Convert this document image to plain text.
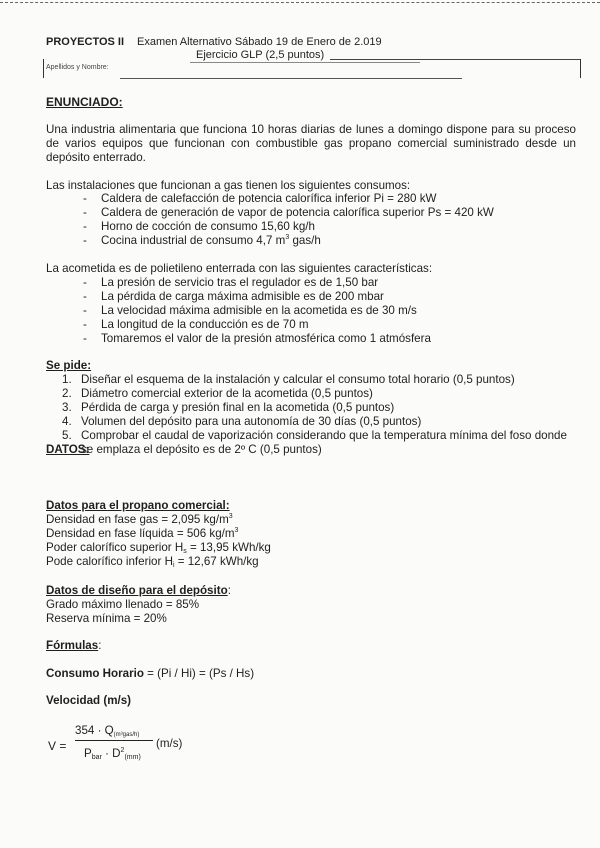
PROYECTOS II Examen Alternativo Sábado 19 de Enero de 2.019
Ejercicio GLP (2,5 puntos)
Apellidos y Nombre:
ENUNCIADO:

Una industria alimentaria que funciona 10 horas diarias de lunes a domingo dispone para su proceso de varios equipos que funcionan con combustible gas propano comercial suministrado desde un depósito enterrado.

Las instalaciones que funcionan a gas tienen los siguientes consumos:

- Caldera de calefacción de potencia calorífica inferior Pi = 280 kW
- Caldera de generación de vapor de potencia calorífica superior Ps = 420 kW
- Horno de cocción de consumo 15,60 kg/h
- Cocina industrial de consumo 4,7 $m^3$ gas/h

La acometida es de polietileno enterrada con las siguientes características:

- La presión de servicio tras el regulador es de 1,50 bar
- La pérdida de carga máxima admisible es de 200 mbar
- La velocidad máxima admisible en la acometida es de 30 m/s
- La longitud de la conducción es de 70 m
- Tomaremos el valor de la presión atmosférica como 1 atmósfera
Se pide:
1. Diseñar el esquema de la instalación y calcular el consumo total horario (0,5 puntos)
2. Diámetro comercial exterior de la acometida (0,5 puntos)
3. Pérdida de carga y presión final en la acometida (0,5 puntos)
4. Volumen del depósito para una autonomía de 30 días (0,5 puntos)
5. Comprobar el caudal de vaporización considerando que la temperatura mínima del foso donde se emplaza el depósito es de 2º C (0,5 puntos)
DATOS:
Datos para el propano comercial:
Densidad en fase gas = 2,095 $kg/m^3$
Densidad en fase líquida = 506 $kg/m^3$
Poder calorífico superior $H_s = 13,95$ kWh/kg
Pode calorífico inferior $H_i = 12,67$ kWh/kg
Datos de diseño para el depósito:
Grado máximo llenado = 85%
Reserva mínima = 20%
Fórmulas:
Consumo Horario = (Pi / Hi) = (Ps / Hs)
Velocidad (m/s)
V =
$354 \cdot Q_{(m^3gas/h)}$
$P_{bar} \cdot D^2_{(mm)}$
(m/s)
